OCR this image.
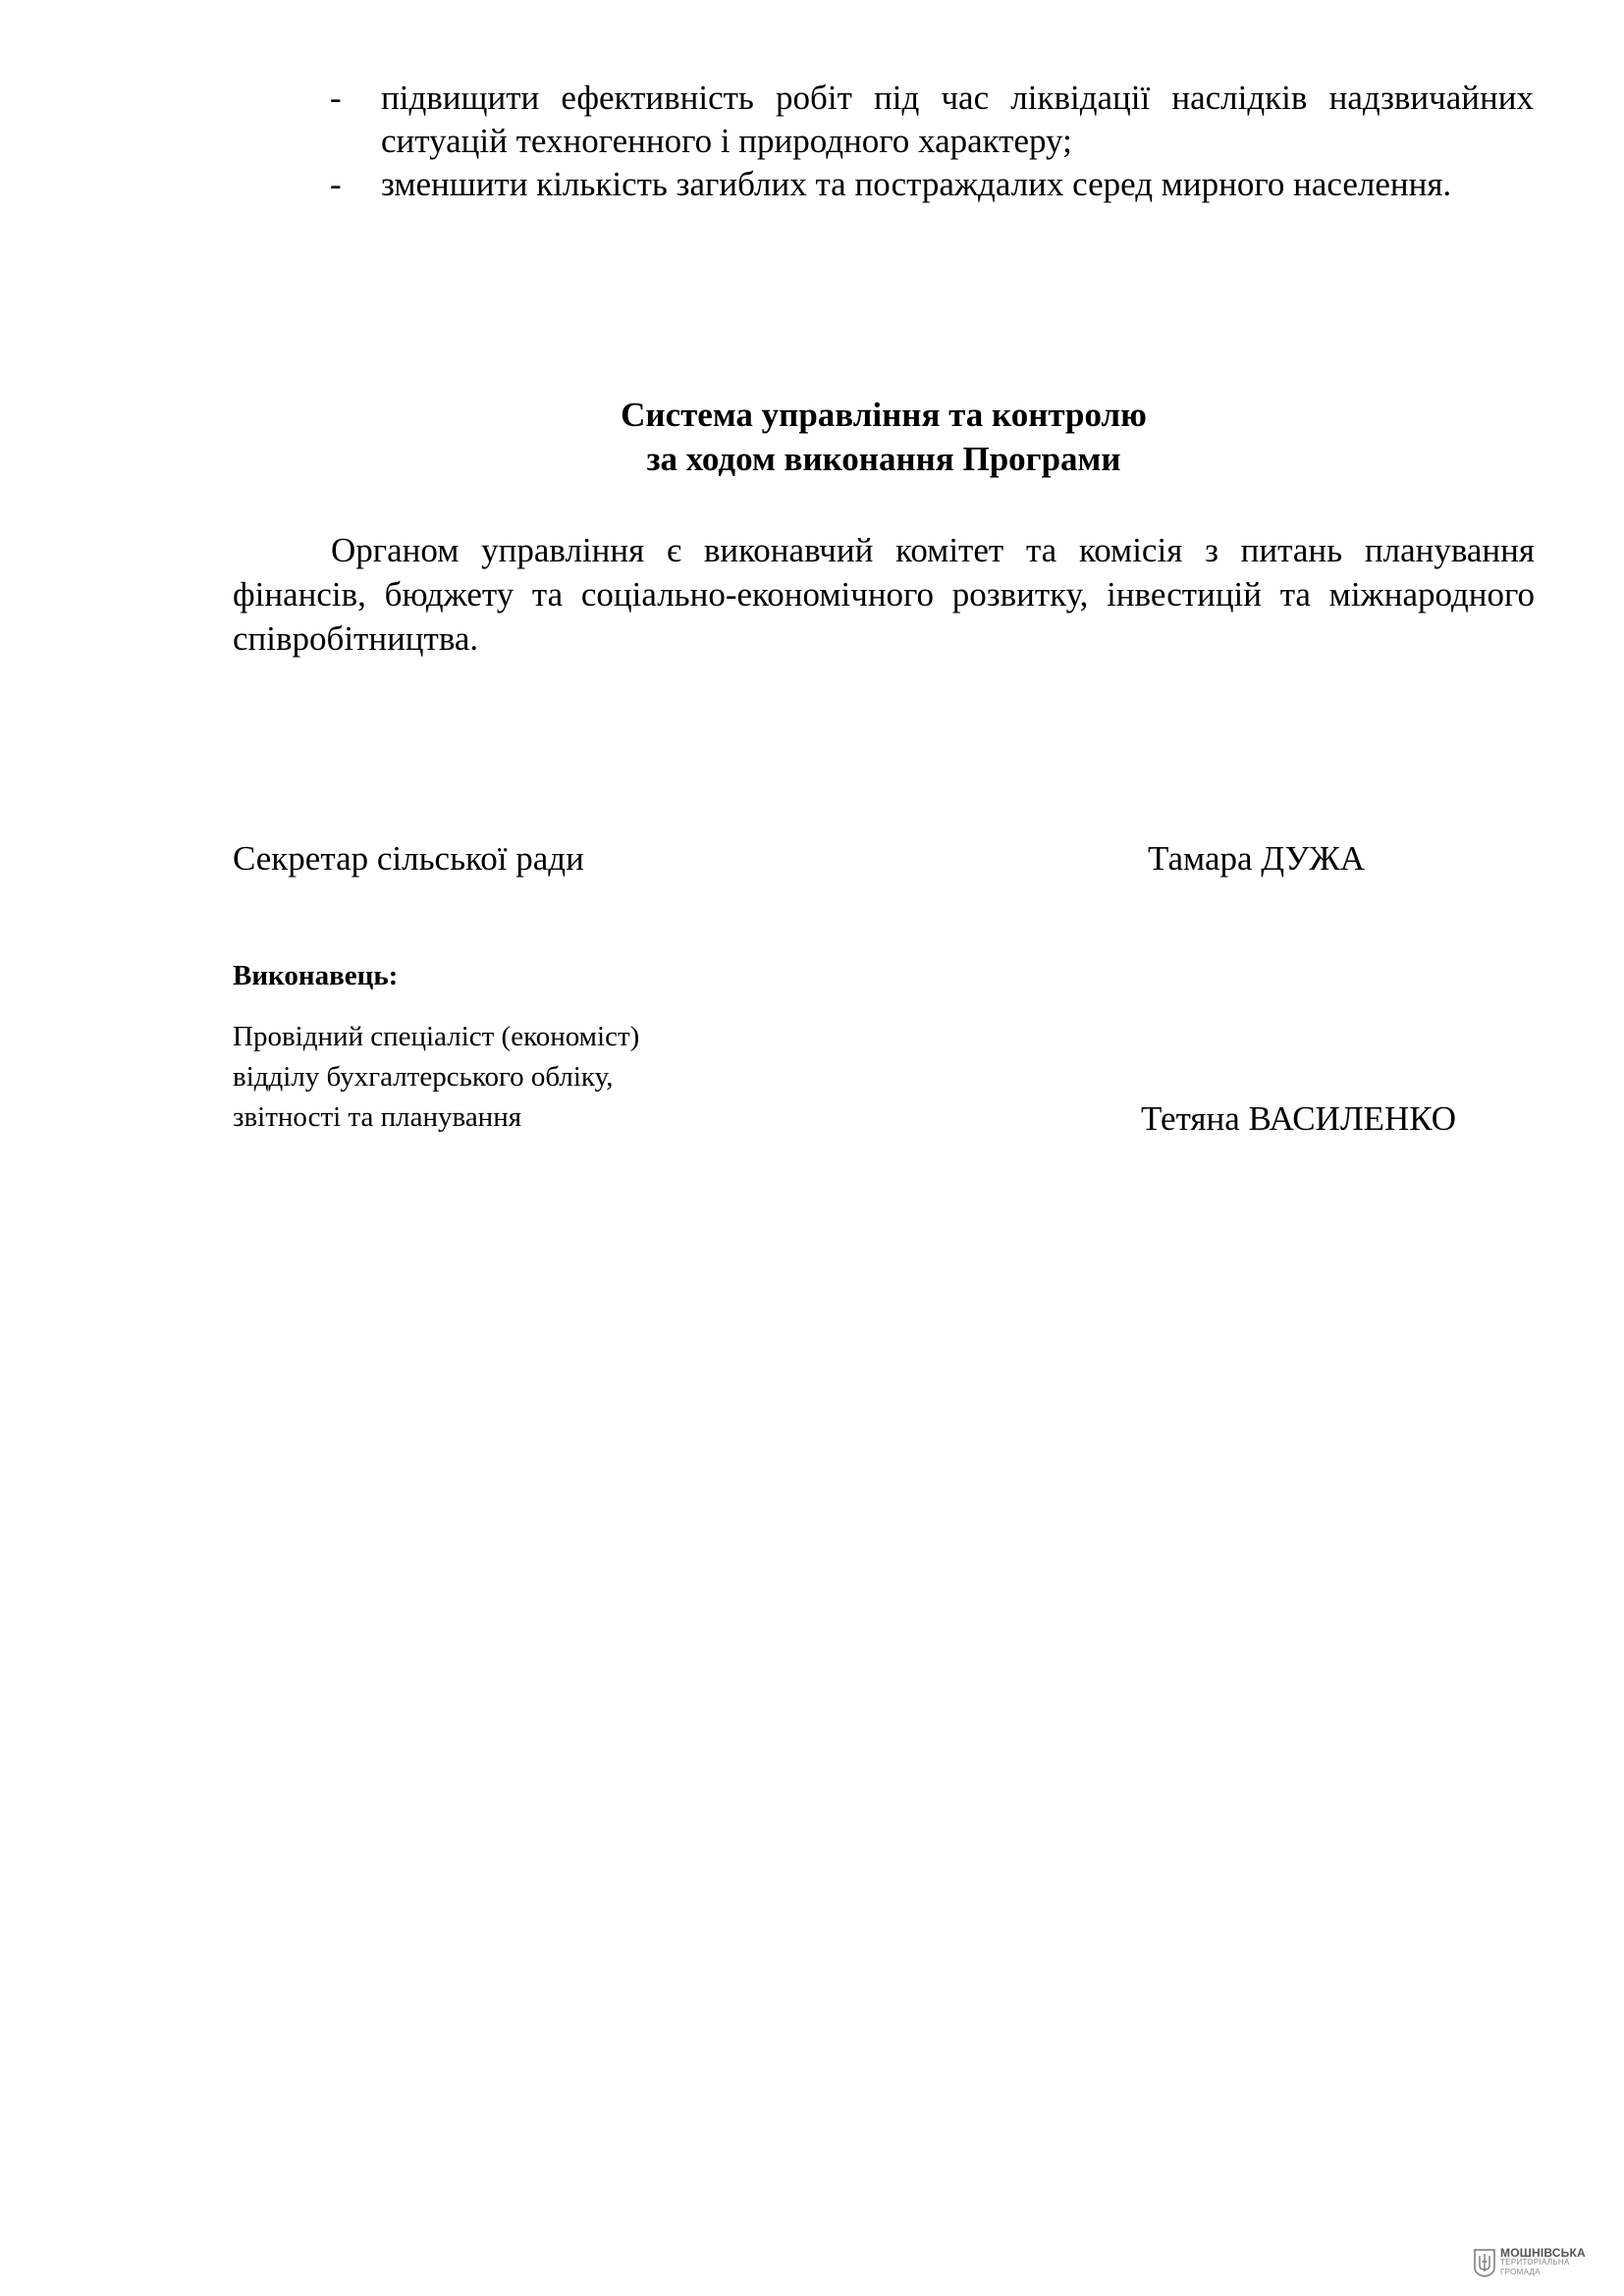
- підвищити ефективність робіт під час ліквідації наслідків надзвичайних ситуацій техногенного і природного характеру;
- зменшити кількість загиблих та постраждалих серед мирного населення.
Система управління та контролю
за ходом виконання Програми
Органом управління є виконавчий комітет та комісія з питань планування фінансів, бюджету та соціально-економічного розвитку, інвестицій та міжнародного співробітництва.
Секретар сільської ради	Тамара ДУЖА
Виконавець:
Провідний спеціаліст (економіст)
відділу бухгалтерського обліку,
звітності та планування	Тетяна ВАСИЛЕНКО
МОШНІВСЬКА
ТЕРИТОРІАЛЬНА
ГРОМАДА
